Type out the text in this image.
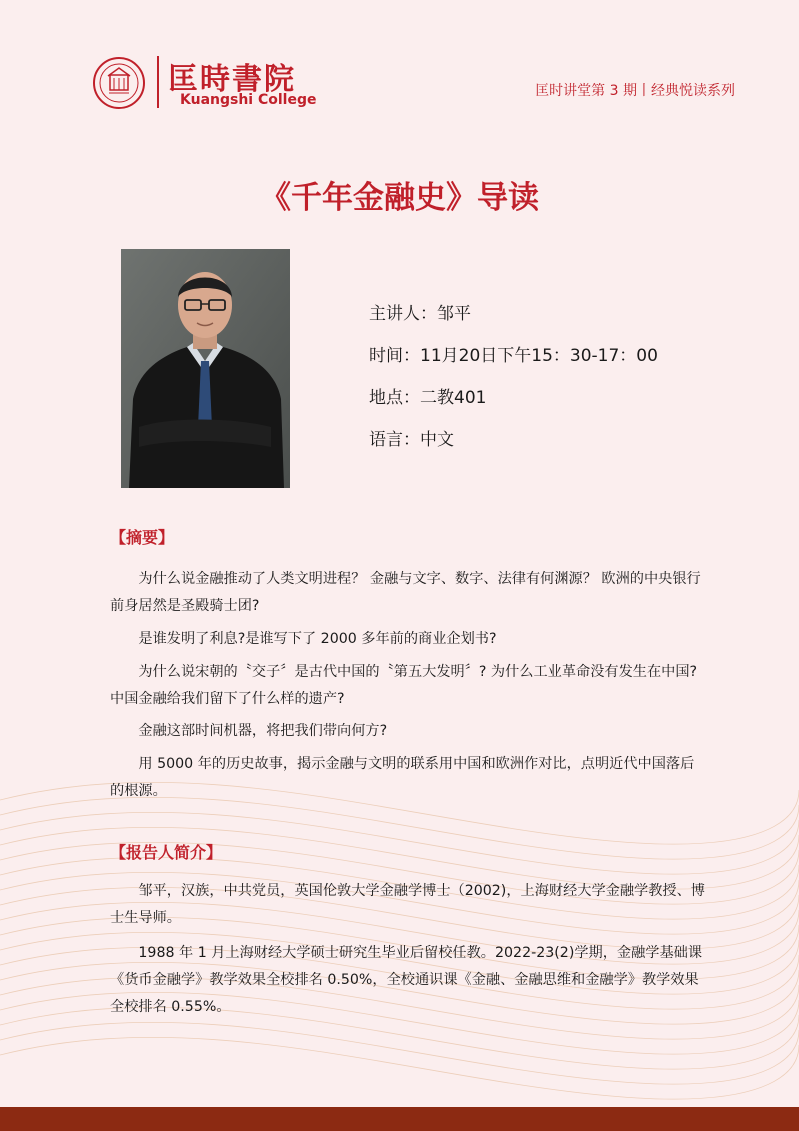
匡時書院
Kuangshi College
匡时讲堂第 3 期丨经典悦读系列
《千年金融史》导读
主讲人：邹平
时间：11月20日下午15：30-17：00
地点：二教401
语言：中文
【摘要】

为什么说金融推动了人类文明进程？ 金融与文字、数字、法律有何渊源？ 欧洲的中央银行前身居然是圣殿骑士团?

是谁发明了利息?是谁写下了 2000 多年前的商业企划书?

为什么说宋朝的〝交子〞是古代中国的〝第五大发明〞? 为什么工业革命没有发生在中国? 中国金融给我们留下了什么样的遗产?

金融这部时间机器，将把我们带向何方?

用 5000 年的历史故事，揭示金融与文明的联系用中国和欧洲作对比，点明近代中国落后的根源。

【报告人简介】

邹平，汉族，中共党员，英国伦敦大学金融学博士（2002)，上海财经大学金融学教授、博士生导师。

1988 年 1 月上海财经大学硕士研究生毕业后留校任教。2022-23(2)学期，金融学基础课《货币金融学》教学效果全校排名 0.50%，全校通识课《金融、金融思维和金融学》教学效果全校排名 0.55%。
